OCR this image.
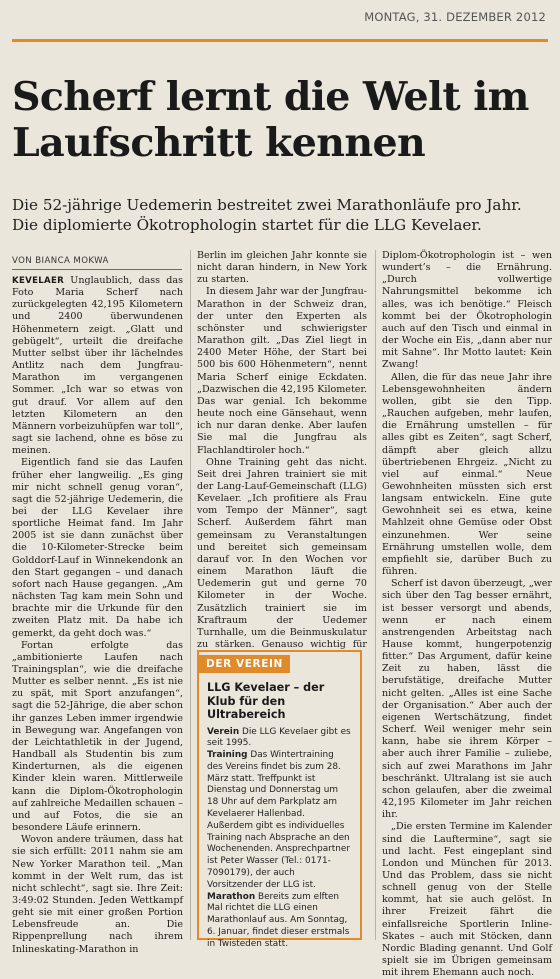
MONTAG, 31. DEZEMBER 2012
Scherf lernt die Welt im Laufschritt kennen

Die 52-jährige Uedemerin bestreitet zwei Marathonläufe pro Jahr. Die diplomierte Ökotrophologin startet für die LLG Kevelaer.

VON BIANCA MOKWA

KEVELAER Unglaublich, dass das Foto Maria Scherf nach zurückgelegten 42,195 Kilometern und 2400 überwundenen Höhenmetern zeigt. „Glatt und gebügelt“, urteilt die dreifache Mutter selbst über ihr lächelndes Antlitz nach dem Jungfrau-Marathon im vergangenen Sommer. „Ich war so etwas von gut drauf. Vor allem auf den letzten Kilometern an den Männern vorbeizuhüpfen war toll“, sagt sie lachend, ohne es böse zu meinen.

Eigentlich fand sie das Laufen früher eher langweilig. „Es ging mir nicht schnell genug voran“, sagt die 52-jährige Uedemerin, die bei der LLG Kevelaer ihre sportliche Heimat fand. Im Jahr 2005 ist sie dann zunächst über die 10-Kilometer-Strecke beim Golddorf-Lauf in Winnekendonk an den Start gegangen – und danach sofort nach Hause gegangen. „Am nächsten Tag kam mein Sohn und brachte mir die Urkunde für den zweiten Platz mit. Da habe ich gemerkt, da geht doch was.“

Fortan erfolgte das „ambitionierte Laufen nach Trainingsplan“, wie die dreifache Mutter es selber nennt. „Es ist nie zu spät, mit Sport anzufangen“, sagt die 52-Jährige, die aber schon ihr ganzes Leben immer irgendwie in Bewegung war. Angefangen von der Leichtathletik in der Jugend, Handball als Studentin bis zum Kinderturnen, als die eigenen Kinder klein waren. Mittlerweile kann die Diplom-Ökotrophologin auf zahlreiche Medaillen schauen – und auf Fotos, die sie an besondere Läufe erinnern.

Wovon andere träumen, dass hat sie sich erfüllt: 2011 nahm sie am New Yorker Marathon teil. „Man kommt in der Welt rum, das ist nicht schlecht“, sagt sie. Ihre Zeit: 3:49:02 Stunden. Jeden Wettkampf geht sie mit einer großen Portion Lebensfreude an. Die Rippenprellung nach ihrem Inlineskating-Marathon in

Berlin im gleichen Jahr konnte sie nicht daran hindern, in New York zu starten.

In diesem Jahr war der Jungfrau-Marathon in der Schweiz dran, der unter den Experten als schönster und schwierigster Marathon gilt. „Das Ziel liegt in 2400 Meter Höhe, der Start bei 500 bis 600 Höhenmetern“, nennt Maria Scherf einige Eckdaten. „Dazwischen die 42,195 Kilometer. Das war genial. Ich bekomme heute noch eine Gänsehaut, wenn ich nur daran denke. Aber laufen Sie mal die Jungfrau als Flachlandtiroler hoch.“

Ohne Training geht das nicht. Seit drei Jahren trainiert sie mit der Lang-Lauf-Gemeinschaft (LLG) Kevelaer. „Ich profitiere als Frau vom Tempo der Männer“, sagt Scherf. Außerdem fährt man gemeinsam zu Veranstaltungen und bereitet sich gemeinsam darauf vor. In den Wochen vor einem Marathon läuft die Uedemerin gut und gerne 70 Kilometer in der Woche. Zusätzlich trainiert sie im Kraftraum der Uedemer Turnhalle, um die Beinmuskulatur zu stärken. Genauso wichtig für

DER VEREIN
LLG Kevelaer – der Klub für den Ultrabereich

Verein Die LLG Kevelaer gibt es seit 1995.

Training Das Wintertraining des Vereins findet bis zum 28. März statt. Treffpunkt ist Dienstag und Donnerstag um 18 Uhr auf dem Parkplatz am Kevelaerer Hallenbad. Außerdem gibt es individuelles Training nach Absprache an den Wochenenden. Ansprechpartner ist Peter Wasser (Tel.: 0171-7090179), der auch Vorsitzender der LLG ist.

Marathon Bereits zum elften Mal richtet die LLG einen Marathonlauf aus. Am Sonntag, 6. Januar, findet dieser erstmals in Twisteden statt.

Diplom-Ökotrophologin ist – wen wundert’s – die Ernährung. „Durch vollwertige Nahrungsmittel bekomme ich alles, was ich benötige.“ Fleisch kommt bei der Ökotrophologin auch auf den Tisch und einmal in der Woche ein Eis, „dann aber nur mit Sahne“. Ihr Motto lautet: Kein Zwang!

Allen, die für das neue Jahr ihre Lebensgewohnheiten ändern wollen, gibt sie den Tipp. „Rauchen aufgeben, mehr laufen, die Ernährung umstellen – für alles gibt es Zeiten“, sagt Scherf, dämpft aber gleich allzu übertriebenen Ehrgeiz. „Nicht zu viel auf einmal.“ Neue Gewohnheiten müssten sich erst langsam entwickeln. Eine gute Gewohnheit sei es etwa, keine Mahlzeit ohne Gemüse oder Obst einzunehmen. Wer seine Ernährung umstellen wolle, dem empfiehlt sie, darüber Buch zu führen.

Scherf ist davon überzeugt, „wer sich über den Tag besser ernährt, ist besser versorgt und abends, wenn er nach einem anstrengenden Arbeitstag nach Hause kommt, hungerpotenzig fitter.“ Das Argument, dafür keine Zeit zu haben, lässt die berufstätige, dreifache Mutter nicht gelten. „Alles ist eine Sache der Organisation.“ Aber auch der eigenen Wertschätzung, findet Scherf. Weil weniger mehr sein kann, habe sie ihrem Körper – aber auch ihrer Familie – zuliebe, sich auf zwei Marathons im Jahr beschränkt. Ultralang ist sie auch schon gelaufen, aber die zweimal 42,195 Kilometer im Jahr reichen ihr.

„Die ersten Termine im Kalender sind die Lauftermine“, sagt sie und lacht. Fest eingeplant sind London und München für 2013. Und das Problem, dass sie nicht schnell genug von der Stelle kommt, hat sie auch gelöst. In ihrer Freizeit fährt die einfallsreiche Sportlerin Inline-Skates – auch mit Stöcken, dann Nordic Blading genannt. Und Golf spielt sie im Übrigen gemeinsam mit ihrem Ehemann auch noch.
